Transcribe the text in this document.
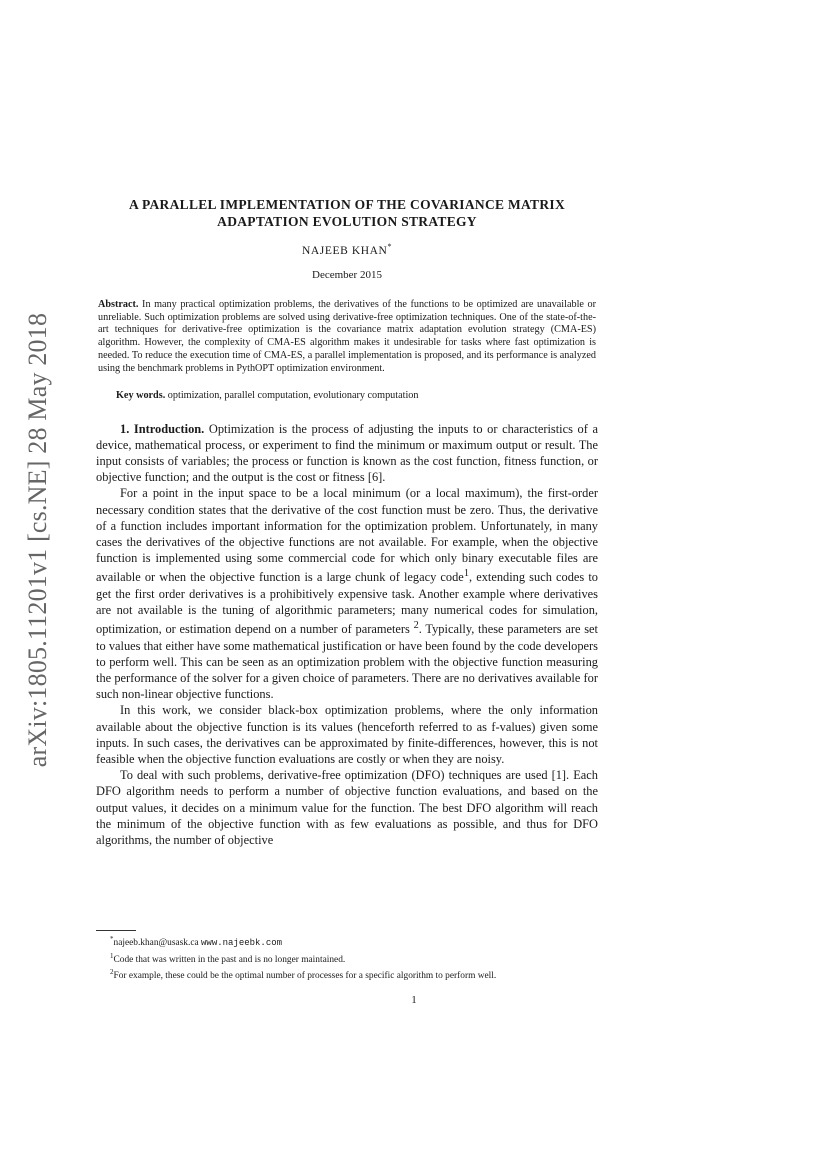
arXiv:1805.11201v1 [cs.NE] 28 May 2018
A PARALLEL IMPLEMENTATION OF THE COVARIANCE MATRIX ADAPTATION EVOLUTION STRATEGY
NAJEEB KHAN*
December 2015

Abstract. In many practical optimization problems, the derivatives of the functions to be optimized are unavailable or unreliable. Such optimization problems are solved using derivative-free optimization techniques. One of the state-of-the-art techniques for derivative-free optimization is the covariance matrix adaptation evolution strategy (CMA-ES) algorithm. However, the complexity of CMA-ES algorithm makes it undesirable for tasks where fast optimization is needed. To reduce the execution time of CMA-ES, a parallel implementation is proposed, and its performance is analyzed using the benchmark problems in PythOPT optimization environment.

Key words. optimization, parallel computation, evolutionary computation

1. Introduction. Optimization is the process of adjusting the inputs to or characteristics of a device, mathematical process, or experiment to find the minimum or maximum output or result. The input consists of variables; the process or function is known as the cost function, fitness function, or objective function; and the output is the cost or fitness [6].

For a point in the input space to be a local minimum (or a local maximum), the first-order necessary condition states that the derivative of the cost function must be zero. Thus, the derivative of a function includes important information for the optimization problem. Unfortunately, in many cases the derivatives of the objective functions are not available. For example, when the objective function is implemented using some commercial code for which only binary executable files are available or when the objective function is a large chunk of legacy code$^1$, extending such codes to get the first order derivatives is a prohibitively expensive task. Another example where derivatives are not available is the tuning of algorithmic parameters; many numerical codes for simulation, optimization, or estimation depend on a number of parameters $^2$. Typically, these parameters are set to values that either have some mathematical justification or have been found by the code developers to perform well. This can be seen as an optimization problem with the objective function measuring the performance of the solver for a given choice of parameters. There are no derivatives available for such non-linear objective functions.

In this work, we consider black-box optimization problems, where the only information available about the objective function is its values (henceforth referred to as f-values) given some inputs. In such cases, the derivatives can be approximated by finite-differences, however, this is not feasible when the objective function evaluations are costly or when they are noisy.

To deal with such problems, derivative-free optimization (DFO) techniques are used [1]. Each DFO algorithm needs to perform a number of objective function evaluations, and based on the output values, it decides on a minimum value for the function. The best DFO algorithm will reach the minimum of the objective function with as few evaluations as possible, and thus for DFO algorithms, the number of objective

*najeeb.khan@usask.ca www.najeebk.com
$^1$Code that was written in the past and is no longer maintained.
$^2$For example, these could be the optimal number of processes for a specific algorithm to perform well.
1
